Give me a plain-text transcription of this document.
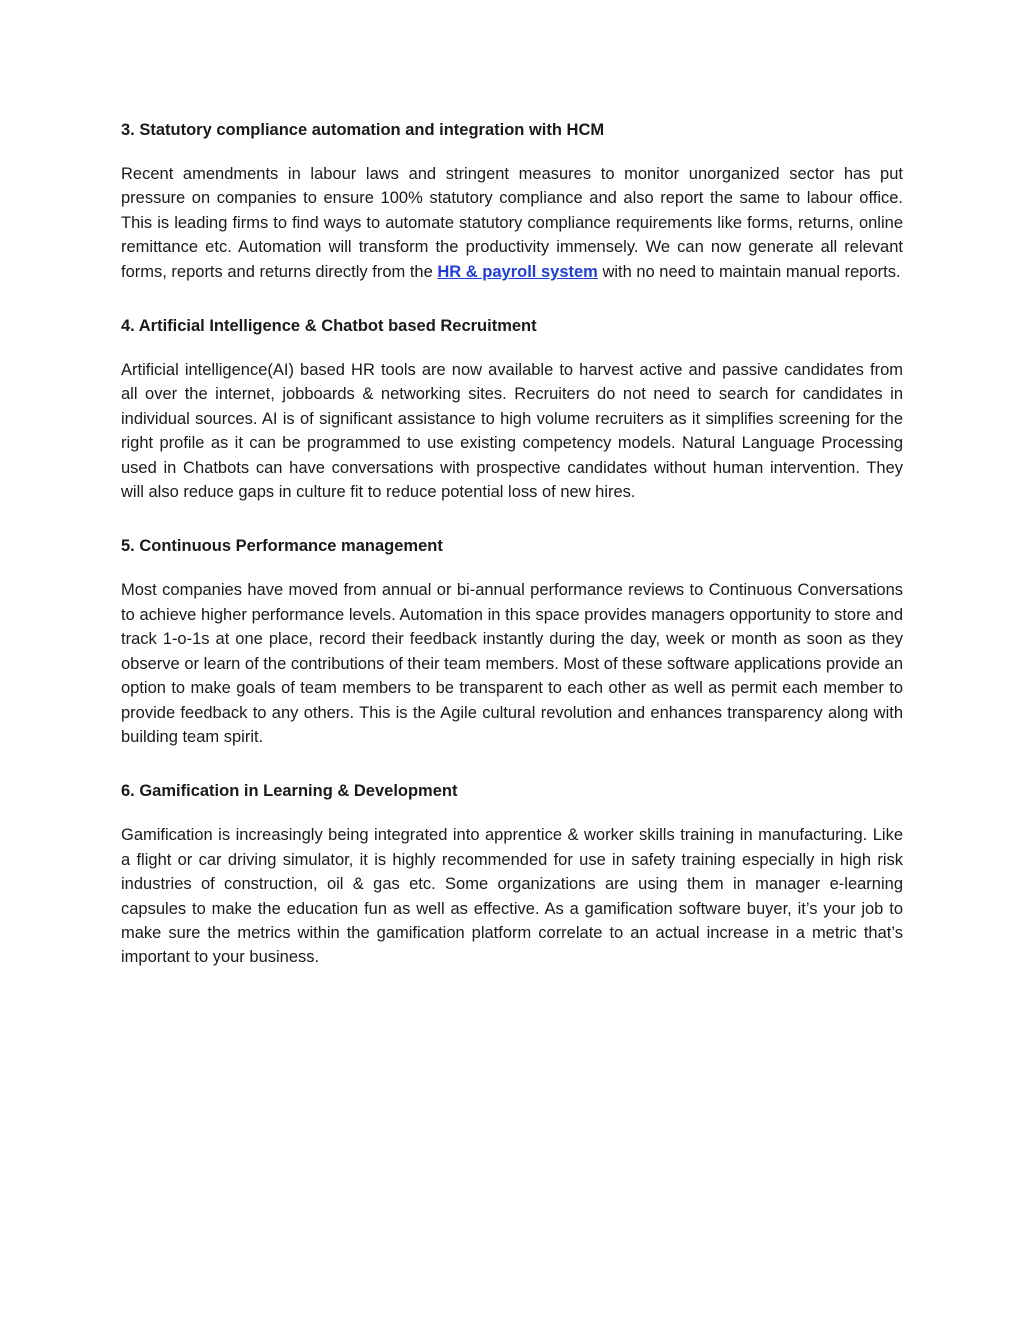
3. Statutory compliance automation and integration with HCM

Recent amendments in labour laws and stringent measures to monitor unorganized sector has put pressure on companies to ensure 100% statutory compliance and also report the same to labour office. This is leading firms to find ways to automate statutory compliance requirements like forms, returns, online remittance etc. Automation will transform the productivity immensely. We can now generate all relevant forms, reports and returns directly from the HR & payroll system with no need to maintain manual reports.

4. Artificial Intelligence & Chatbot based Recruitment

Artificial intelligence(AI) based HR tools are now available to harvest active and passive candidates from all over the internet, jobboards & networking sites. Recruiters do not need to search for candidates in individual sources. AI is of significant assistance to high volume recruiters as it simplifies screening for the right profile as it can be programmed to use existing competency models. Natural Language Processing used in Chatbots can have conversations with prospective candidates without human intervention. They will also reduce gaps in culture fit to reduce potential loss of new hires.

5. Continuous Performance management

Most companies have moved from annual or bi-annual performance reviews to Continuous Conversations to achieve higher performance levels. Automation in this space provides managers opportunity to store and track 1-o-1s at one place, record their feedback instantly during the day, week or month as soon as they observe or learn of the contributions of their team members. Most of these software applications provide an option to make goals of team members to be transparent to each other as well as permit each member to provide feedback to any others. This is the Agile cultural revolution and enhances transparency along with building team spirit.

6. Gamification in Learning & Development

Gamification is increasingly being integrated into apprentice & worker skills training in manufacturing. Like a flight or car driving simulator, it is highly recommended for use in safety training especially in high risk industries of construction, oil & gas etc. Some organizations are using them in manager e-learning capsules to make the education fun as well as effective. As a gamification software buyer, it’s your job to make sure the metrics within the gamification platform correlate to an actual increase in a metric that’s important to your business.
